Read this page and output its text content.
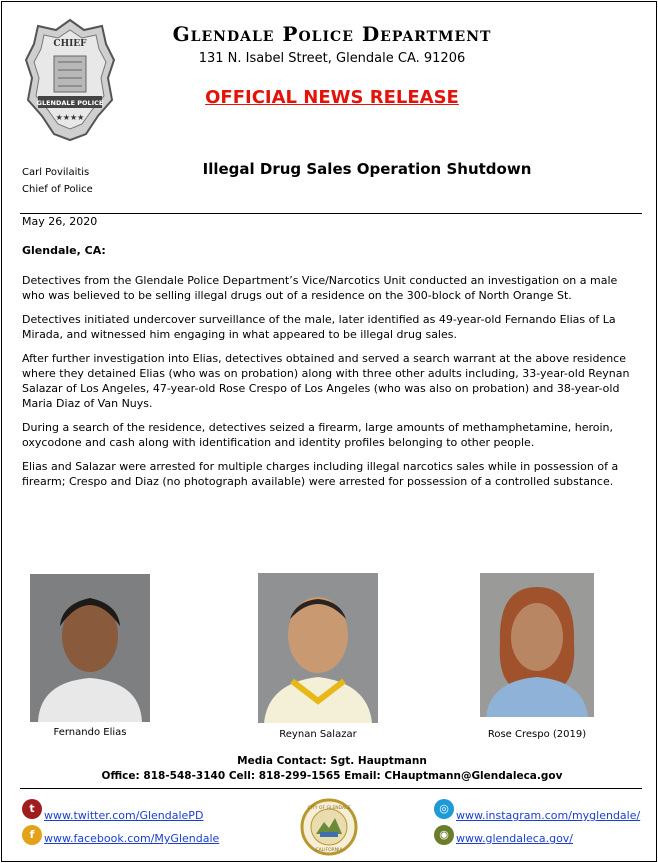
CHIEF
GLENDALE POLICE
★★★★
Glendale Police Department
131 N. Isabel Street, Glendale CA. 91206
OFFICIAL NEWS RELEASE
Carl Povilaitis
Chief of Police
Illegal Drug Sales Operation Shutdown
May 26, 2020
Glendale, CA:

Detectives from the Glendale Police Department’s Vice/Narcotics Unit conducted an investigation on a male who was believed to be selling illegal drugs out of a residence on the 300-block of North Orange St.

Detectives initiated undercover surveillance of the male, later identified as 49-year-old Fernando Elias of La Mirada, and witnessed him engaging in what appeared to be illegal drug sales.

After further investigation into Elias, detectives obtained and served a search warrant at the above residence where they detained Elias (who was on probation) along with three other adults including, 33-year-old Reynan Salazar of Los Angeles, 47-year-old Rose Crespo of Los Angeles (who was also on probation) and 38-year-old Maria Diaz of Van Nuys.

During a search of the residence, detectives seized a firearm, large amounts of methamphetamine, heroin, oxycodone and cash along with identification and identity profiles belonging to other people.

Elias and Salazar were arrested for multiple charges including illegal narcotics sales while in possession of a firearm; Crespo and Diaz (no photograph available) were arrested for possession of a controlled substance.

Fernando Elias	Reynan Salazar	Rose Crespo (2019)
Media Contact: Sgt. Hauptmann
Office: 818-548-3140 Cell: 818-299-1565 Email: CHauptmann@Glendaleca.gov
t
www.twitter.com/GlendalePD
f www.facebook.com/MyGlendale
CITY OF GLENDALE
CALIFORNIA
◎
www.instagram.com/myglendale/
◉ www.glendaleca.gov/
